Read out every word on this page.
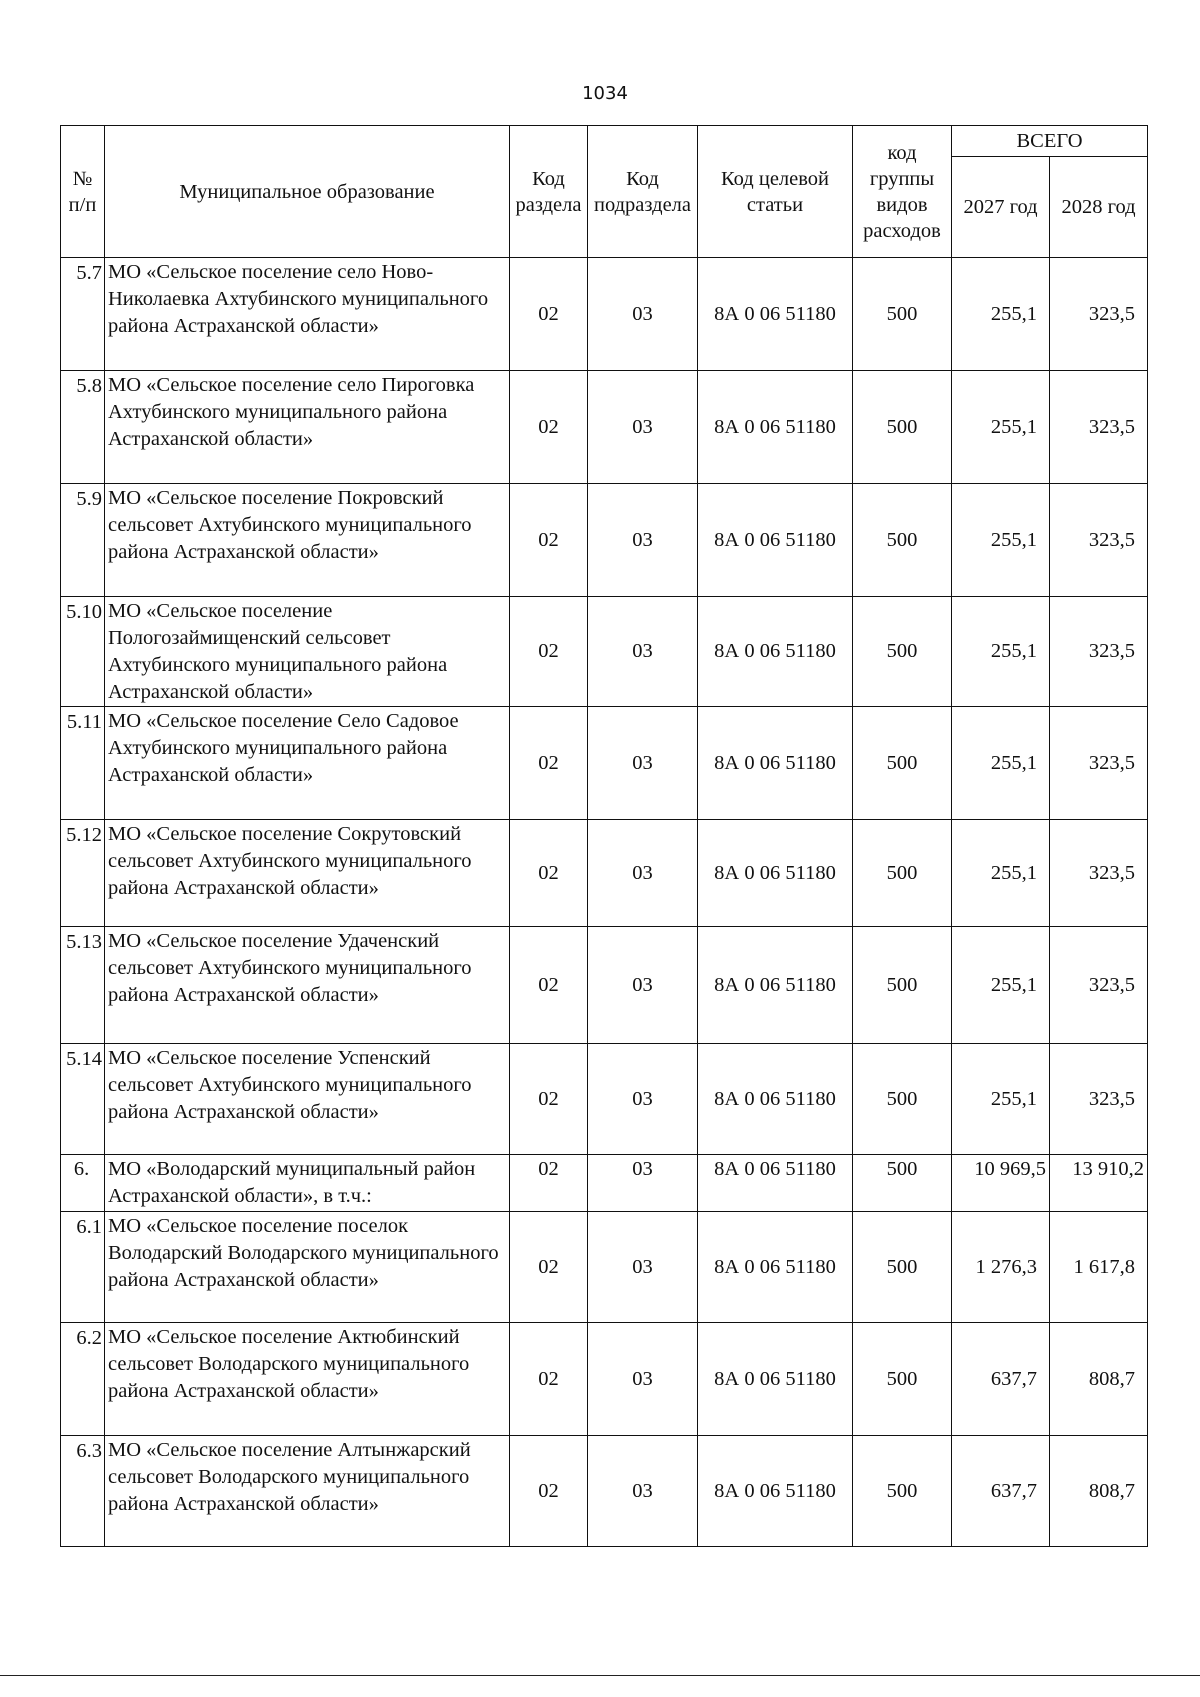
1034
№ п/п	Муниципальное образование	Код раздела	Код подраздела	Код целевой статьи	код группы видов расходов	ВСЕГО	
						2027 год	2028 год
5.7	МО «Сельское поселение село Ново-Николаевка Ахтубинского муниципального района Астраханской области»	02	03	8А 0 06 51180	500	255,1	323,5
5.8	МО «Сельское поселение село Пироговка Ахтубинского муниципального района Астраханской области»	02	03	8А 0 06 51180	500	255,1	323,5
5.9	МО «Сельское поселение Покровский сельсовет Ахтубинского муниципального района Астраханской области»	02	03	8А 0 06 51180	500	255,1	323,5
5.10	МО «Сельское поселение Пологозаймищенский сельсовет Ахтубинского муниципального района Астраханской области»	02	03	8А 0 06 51180	500	255,1	323,5
5.11	МО «Сельское поселение Село Садовое Ахтубинского муниципального района Астраханской области»	02	03	8А 0 06 51180	500	255,1	323,5
5.12	МО «Сельское поселение Сокрутовский сельсовет Ахтубинского муниципального района Астраханской области»	02	03	8А 0 06 51180	500	255,1	323,5
5.13	МО «Сельское поселение Удаченский сельсовет Ахтубинского муниципального района Астраханской области»	02	03	8А 0 06 51180	500	255,1	323,5
5.14	МО «Сельское поселение Успенский сельсовет Ахтубинского муниципального района Астраханской области»	02	03	8А 0 06 51180	500	255,1	323,5
6.	МО «Володарский муниципальный район Астраханской области», в т.ч.:	02	03	8А 0 06 51180	500	10 969,5	13 910,2
6.1	МО «Сельское поселение поселок Володарский Володарского муниципального района Астраханской области»	02	03	8А 0 06 51180	500	1 276,3	1 617,8
6.2	МО «Сельское поселение Актюбинский сельсовет Володарского муниципального района Астраханской области»	02	03	8А 0 06 51180	500	637,7	808,7
6.3	МО «Сельское поселение Алтынжарский сельсовет Володарского муниципального района Астраханской области»	02	03	8А 0 06 51180	500	637,7	808,7
